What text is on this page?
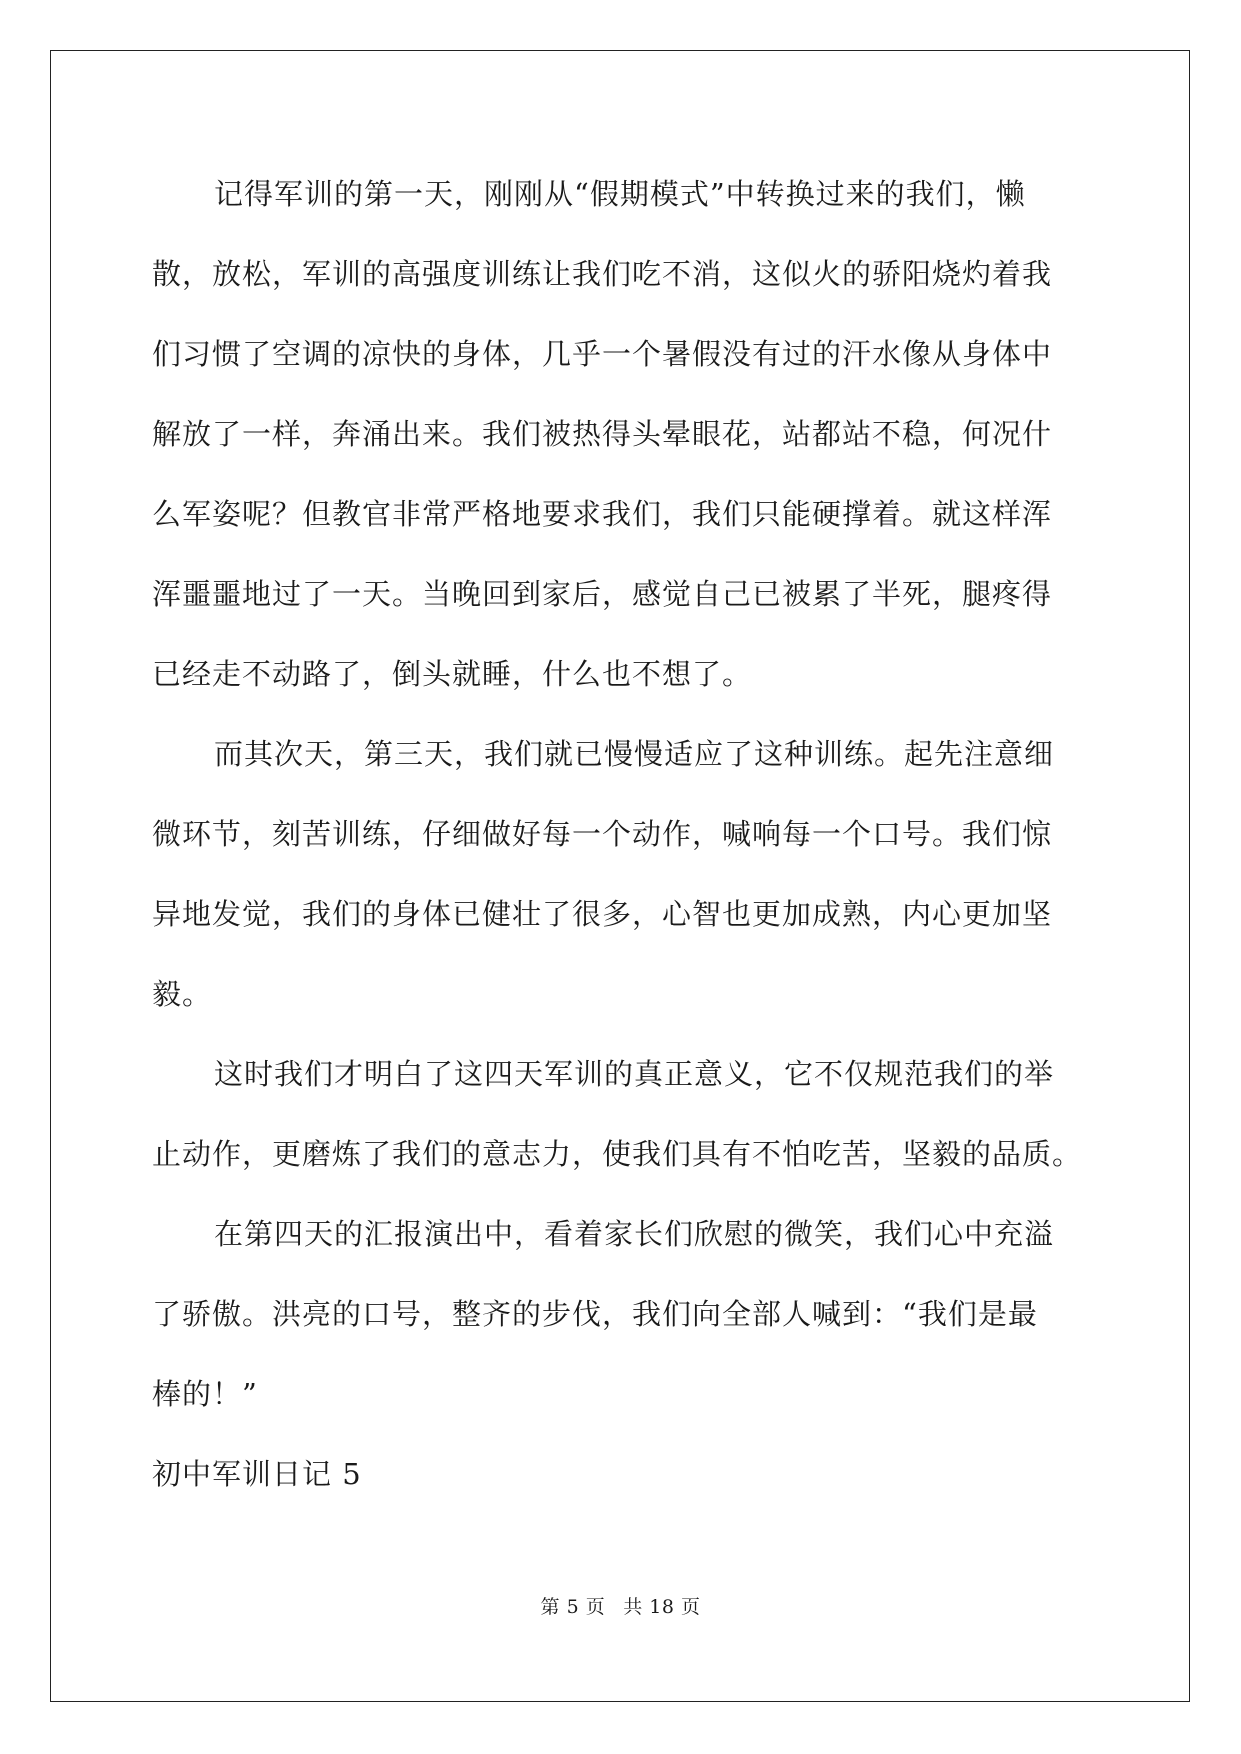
记得军训的第一天，刚刚从“假期模式”中转换过来的我们，懒
散，放松，军训的高强度训练让我们吃不消，这似火的骄阳烧灼着我
们习惯了空调的凉快的身体，几乎一个暑假没有过的汗水像从身体中
解放了一样，奔涌出来。我们被热得头晕眼花，站都站不稳，何况什
么军姿呢？但教官非常严格地要求我们，我们只能硬撑着。就这样浑
浑噩噩地过了一天。当晚回到家后，感觉自己已被累了半死，腿疼得
已经走不动路了，倒头就睡，什么也不想了。

而其次天，第三天，我们就已慢慢适应了这种训练。起先注意细
微环节，刻苦训练，仔细做好每一个动作，喊响每一个口号。我们惊
异地发觉，我们的身体已健壮了很多，心智也更加成熟，内心更加坚
毅。

这时我们才明白了这四天军训的真正意义，它不仅规范我们的举
止动作，更磨炼了我们的意志力，使我们具有不怕吃苦，坚毅的品质。

在第四天的汇报演出中，看着家长们欣慰的微笑，我们心中充溢
了骄傲。洪亮的口号，整齐的步伐，我们向全部人喊到：“我们是最
棒的！”

初中军训日记 5

第 5 页 共 18 页
